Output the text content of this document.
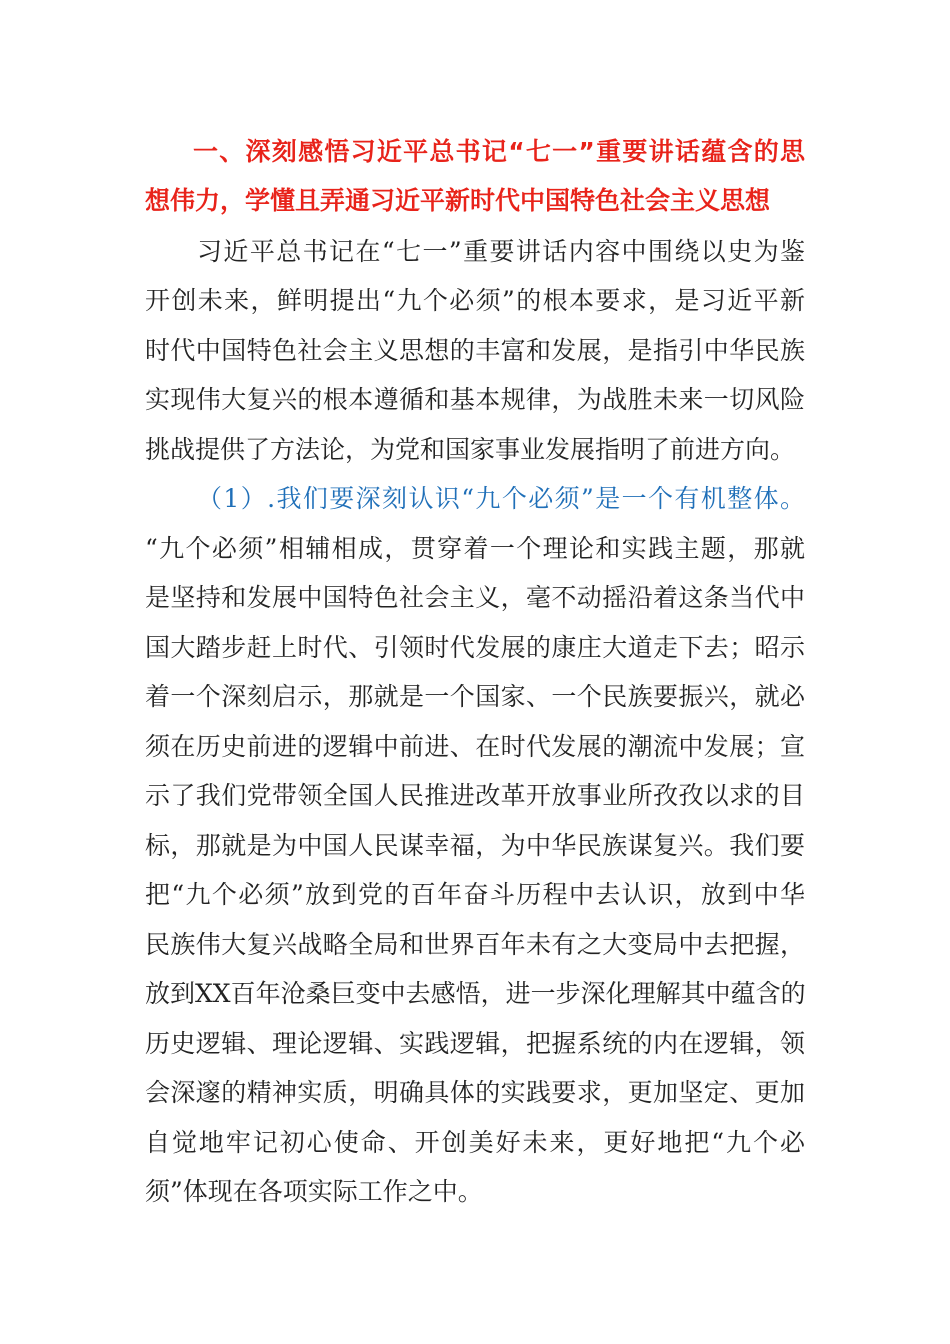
一、深刻感悟习近平总书记“七一”重要讲话蕴含的思
想伟力，学懂且弄通习近平新时代中国特色社会主义思想
习近平总书记在“七一”重要讲话内容中围绕以史为鉴
开创未来，鲜明提出“九个必须”的根本要求，是习近平新
时代中国特色社会主义思想的丰富和发展，是指引中华民族
实现伟大复兴的根本遵循和基本规律，为战胜未来一切风险
挑战提供了方法论，为党和国家事业发展指明了前进方向。
（1）.我们要深刻认识“九个必须”是一个有机整体。
“九个必须”相辅相成，贯穿着一个理论和实践主题，那就
是坚持和发展中国特色社会主义，毫不动摇沿着这条当代中
国大踏步赶上时代、引领时代发展的康庄大道走下去；昭示
着一个深刻启示，那就是一个国家、一个民族要振兴，就必
须在历史前进的逻辑中前进、在时代发展的潮流中发展；宣
示了我们党带领全国人民推进改革开放事业所孜孜以求的目
标，那就是为中国人民谋幸福，为中华民族谋复兴。我们要
把“九个必须”放到党的百年奋斗历程中去认识，放到中华
民族伟大复兴战略全局和世界百年未有之大变局中去把握，
放到XX百年沧桑巨变中去感悟，进一步深化理解其中蕴含的
历史逻辑、理论逻辑、实践逻辑，把握系统的内在逻辑，领
会深邃的精神实质，明确具体的实践要求，更加坚定、更加
自觉地牢记初心使命、开创美好未来，更好地把“九个必
须”体现在各项实际工作之中。
